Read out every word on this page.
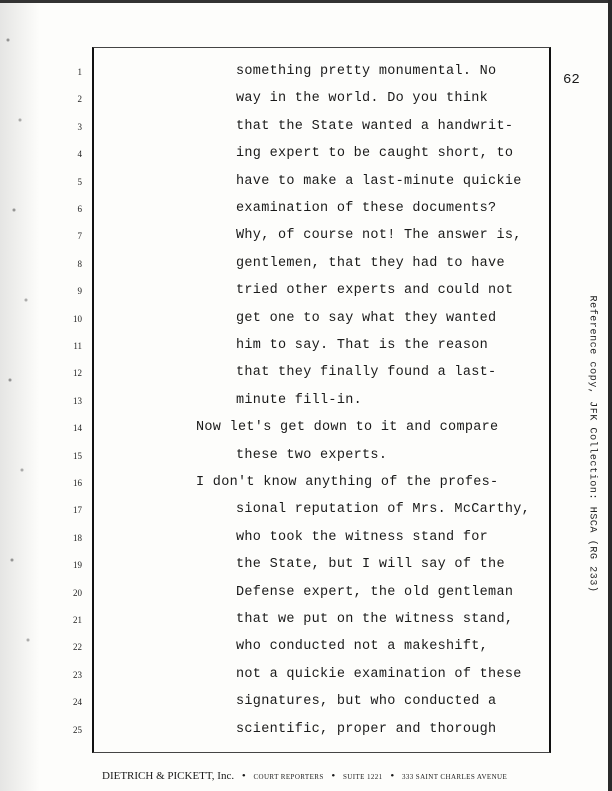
62
1	something pretty monumental. No
2	way in the world. Do you think
3	that the State wanted a handwrit-
4	ing expert to be caught short, to
5	have to make a last-minute quickie
6	examination of these documents?
7	Why, of course not! The answer is,
8	gentlemen, that they had to have
9	tried other experts and could not
10	get one to say what they wanted
11	him to say. That is the reason
12	that they finally found a last-
13	minute fill-in.
14	Now let's get down to it and compare
15	these two experts.
16	I don't know anything of the profes-
17	sional reputation of Mrs. McCarthy,
18	who took the witness stand for
19	the State, but I will say of the
20	Defense expert, the old gentleman
21	that we put on the witness stand,
22	who conducted not a makeshift,
23	not a quickie examination of these
24	signatures, but who conducted a
25	scientific, proper and thorough
Reference copy, JFK Collection: HSCA (RG 233)
DIETRICH & PICKETT, Inc. • COURT REPORTERS • SUITE 1221 • 333 SAINT CHARLES AVENUE
